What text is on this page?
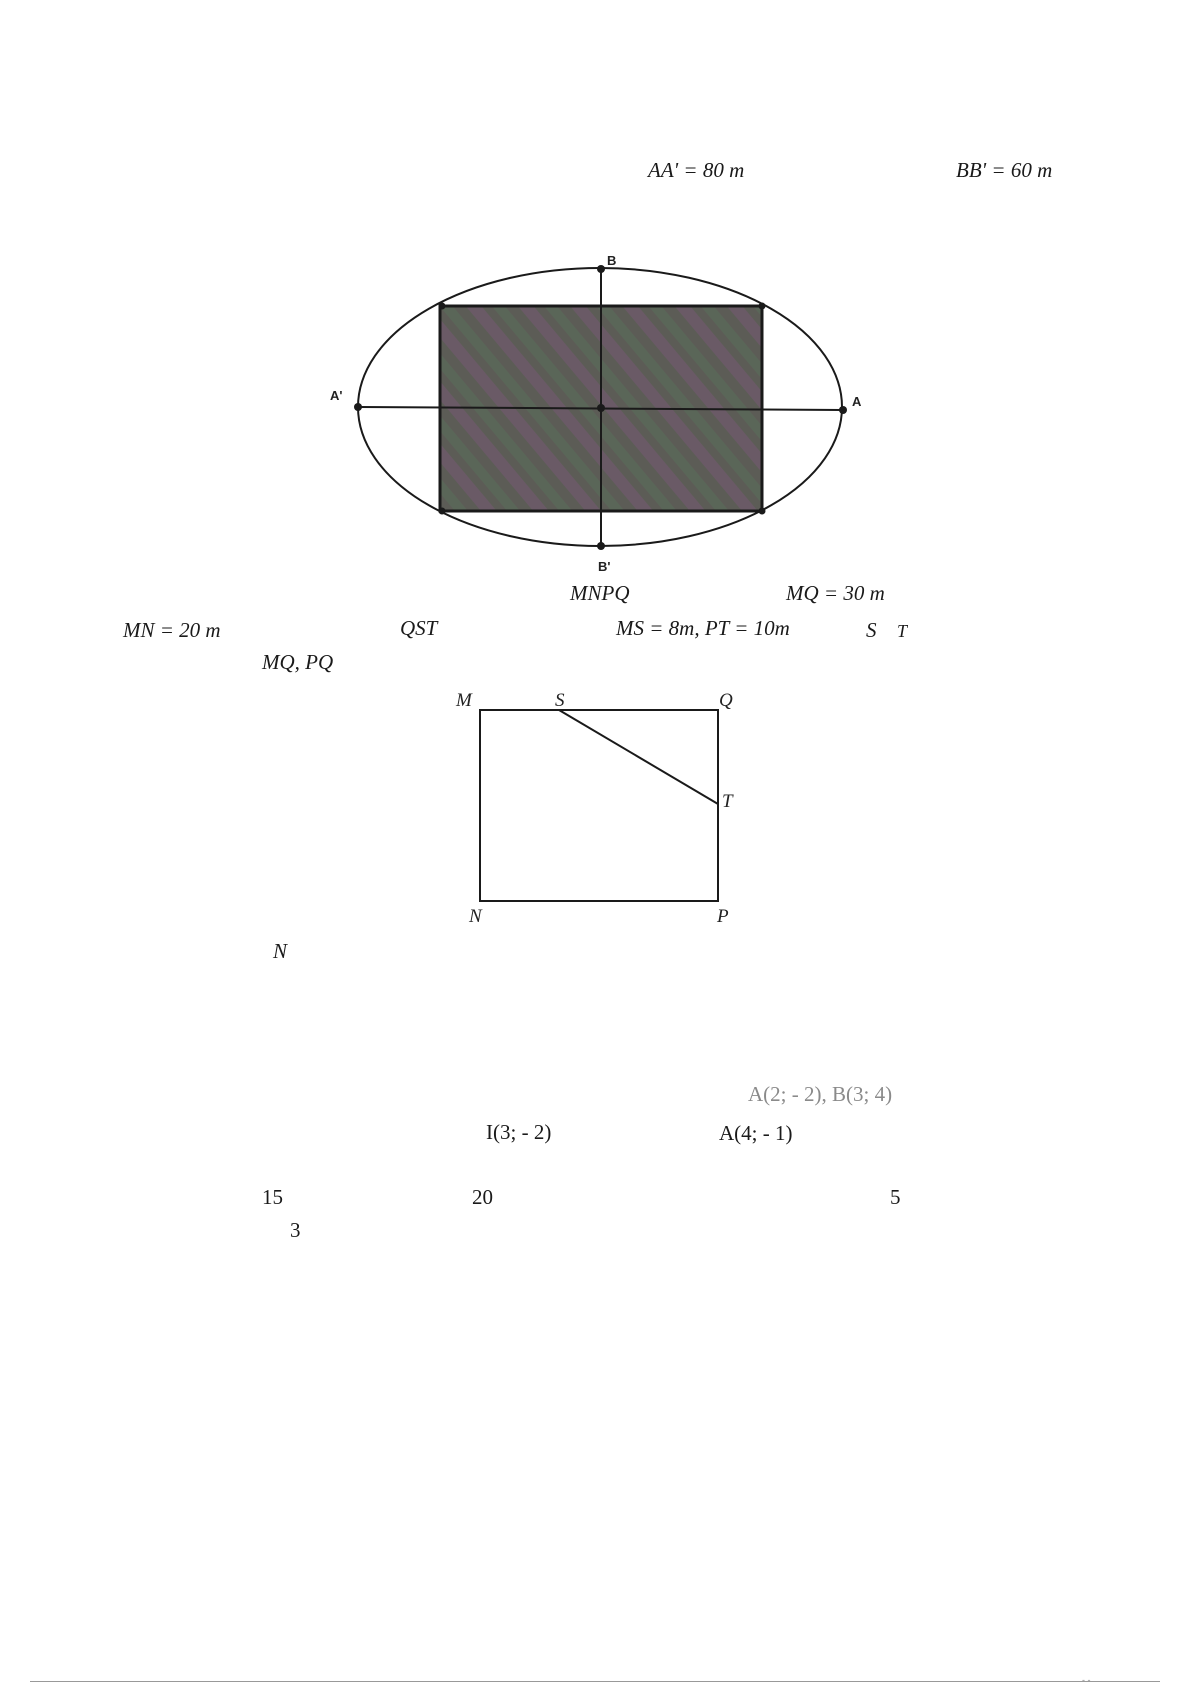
AA' = 80 m	BB' = 60 m
B
B'
A
A'
MNPQ	MQ = 30 m
MN = 20 m	QST	MS = 8m, PT = 10m	S T
MQ, PQ
M	S	Q
T
N	P
N
A(2; - 2), B(3; 4)
I(3; - 2)	A(4; - 1)
15	20	5
3
- -
